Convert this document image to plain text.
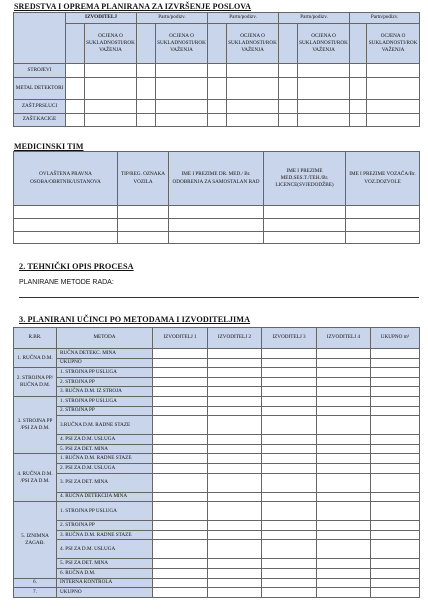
SREDSTVA I OPREMA PLANIRANA ZA IZVRŠENJE POSLOVA
	IZVODITELJ		Partn/podizv.		Partn/podizv.		Partn/podizv.		Partn/podizv.	
		OCJENA O SUKLADNOSTI/ROK VAŽENJA		OCJENA O SUKLADNOSTI/ROK VAŽENJA		OCJENA O SUKLADNOSTI/ROK VAŽENJA		OCJENA O SUKLADNOSTI/ROK VAŽENJA		OCJENA O SUKLADNOSTI/ROK VAŽENJA
STROJEVI										
METAL DETEKTORI										
ZAŠT.PRSLUCI										
ZAŠT.KACIGE										
MEDICINSKI TIM
OVLAŠTENA PRAVNA OSOBA/OBRTNIK/USTANOVA	TIP/REG. OZNAKA VOZILA	IME I PREZIME DR. MED./ Br. ODOBRENJA ZA SAMOSTALAN RAD	IME I PREZIME MED.SES.T./TEH./Br. LICENCE(SVJEDODŽBE)	IME I PREZIME VOZAČA/Br. VOZ.DOZVOLE

2. TEHNIČKI OPIS PROCESA
PLANIRANE METODE RADA:
3. PLANIRANI UČINCI PO METODAMA I IZVODITELJIMA
R.BR.	METODA	IZVODITELJ 1	IZVODITELJ 2	IZVODITELJ 3	IZVODITELJ 4	UKUPNO m²
1. RUČNA D.M.	RUČNA DETEKC. MINA					
	UKUPNO					
2. STROJNA PP/ RUČNA D.M.	1. STROJNA PP USLUGA					
	2. STROJNA PP					
	3. RUČNA D.M. IZ STROJA					
3. STROJNA PP /PSI ZA D.M.	1. STROJNA PP USLUGA					
	2. STROJNA PP					
	3.RUČNA D.M. RADNE STAZE					
	4. PSI ZA D.M. USLUGA					
	5. PSI ZA DET. MINA					
4. RUČNA D.M. /PSI ZA D.M.	1. RUČNA D.M. RADNE STAZE					
	2. PSI ZA D.M. USLUGA					
	3. PSI ZA DET. MINA					
	4. RUČNA DETEKCIJA MINA					
5. IZNIMNA ZAGAĐ.	1. STROJNA PP USLUGA					
	2. STROJNA PP					
	3. RUČNA D.M. RADNE STAZE					
	4. PSI ZA D.M. USLUGA					
	5. PSI ZA DET. MINA					
	6. RUČNA D.M.					
6.	INTERNA KONTROLA					
7.	UKUPNO					
